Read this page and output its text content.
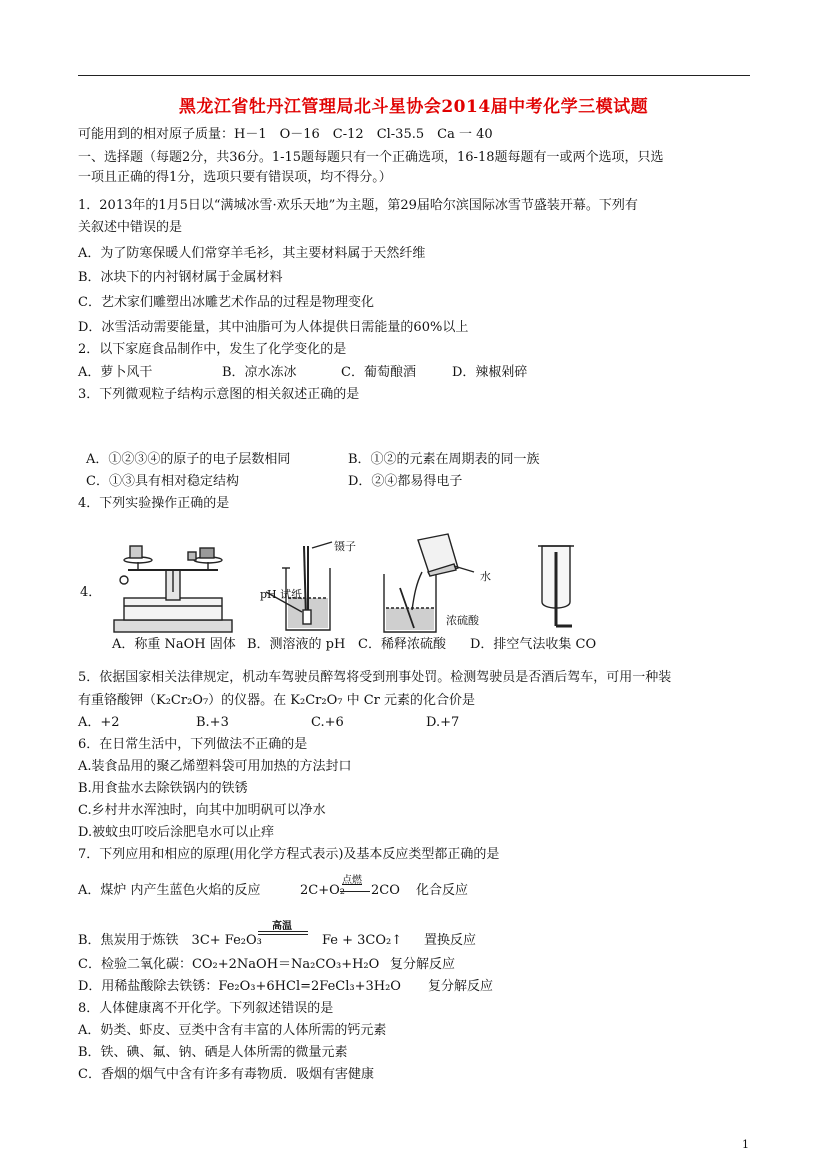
黑龙江省牡丹江管理局北斗星协会2014届中考化学三模试题
可能用到的相对原子质量：H－1　O－16　C-12　Cl-35.5　Ca 一 40
一、选择题（每题2分，共36分。1-15题每题只有一个正确选项，16-18题每题有一或两个选项，只选
一项且正确的得1分，选项只要有错误项，均不得分。）
1．2013年的1月5日以“满城冰雪·欢乐天地”为主题，第29届哈尔滨国际冰雪节盛装开幕。下列有
关叙述中错误的是
A．为了防寒保暖人们常穿羊毛衫，其主要材料属于天然纤维
B．冰块下的内衬钢材属于金属材料
C．艺术家们雕塑出冰雕艺术作品的过程是物理变化
D．冰雪活动需要能量，其中油脂可为人体提供日需能量的60%以上
2．以下家庭食品制作中，发生了化学变化的是
A．萝卜风干	B．凉水冻冰	C．葡萄酿酒	D．辣椒剁碎
3．下列微观粒子结构示意图的相关叙述正确的是
A．①②③④的原子的电子层数相同	B．①②的元素在周期表的同一族
C．①③具有相对稳定结构	D．②④都易得电子
4．下列实验操作正确的是
4．
镊子
pH 试纸
水
浓硫酸
A．称重 NaOH 固体 B．测溶液的 pH C．稀释浓硫酸 D．排空气法收集 CO
5．依据国家相关法律规定，机动车驾驶员醉驾将受到刑事处罚。检测驾驶员是否酒后驾车，可用一种装
有重铬酸钾（K₂Cr₂O₇）的仪器。在 K₂Cr₂O₇ 中 Cr 元素的化合价是
A．+2	B.+3	C.+6	D.+7
6．在日常生活中，下列做法不正确的是
A.装食品用的聚乙烯塑料袋可用加热的方法封口
B.用食盐水去除铁锅内的铁锈
C.乡村井水浑浊时，向其中加明矾可以净水
D.被蚊虫叮咬后涂肥皂水可以止痒
7．下列应用和相应的原理(用化学方程式表示)及基本反应类型都正确的是
A．煤炉 内产生蓝色火焰的反应	2C+O₂
点燃
2CO 化合反应
B．焦炭用于炼铁　3C+ Fe₂O₃
高温
Fe + 3CO₂↑ 置换反应
C．检验二氧化碳：CO₂+2NaOH＝Na₂CO₃+H₂O 复分解反应
D．用稀盐酸除去铁锈：Fe₂O₃+6HCl=2FeCl₃+3H₂O 复分解反应
8．人体健康离不开化学。下列叙述错误的是
A．奶类、虾皮、豆类中含有丰富的人体所需的钙元素
B．铁、碘、氟、钠、硒是人体所需的微量元素
C．香烟的烟气中含有许多有毒物质．吸烟有害健康
1
